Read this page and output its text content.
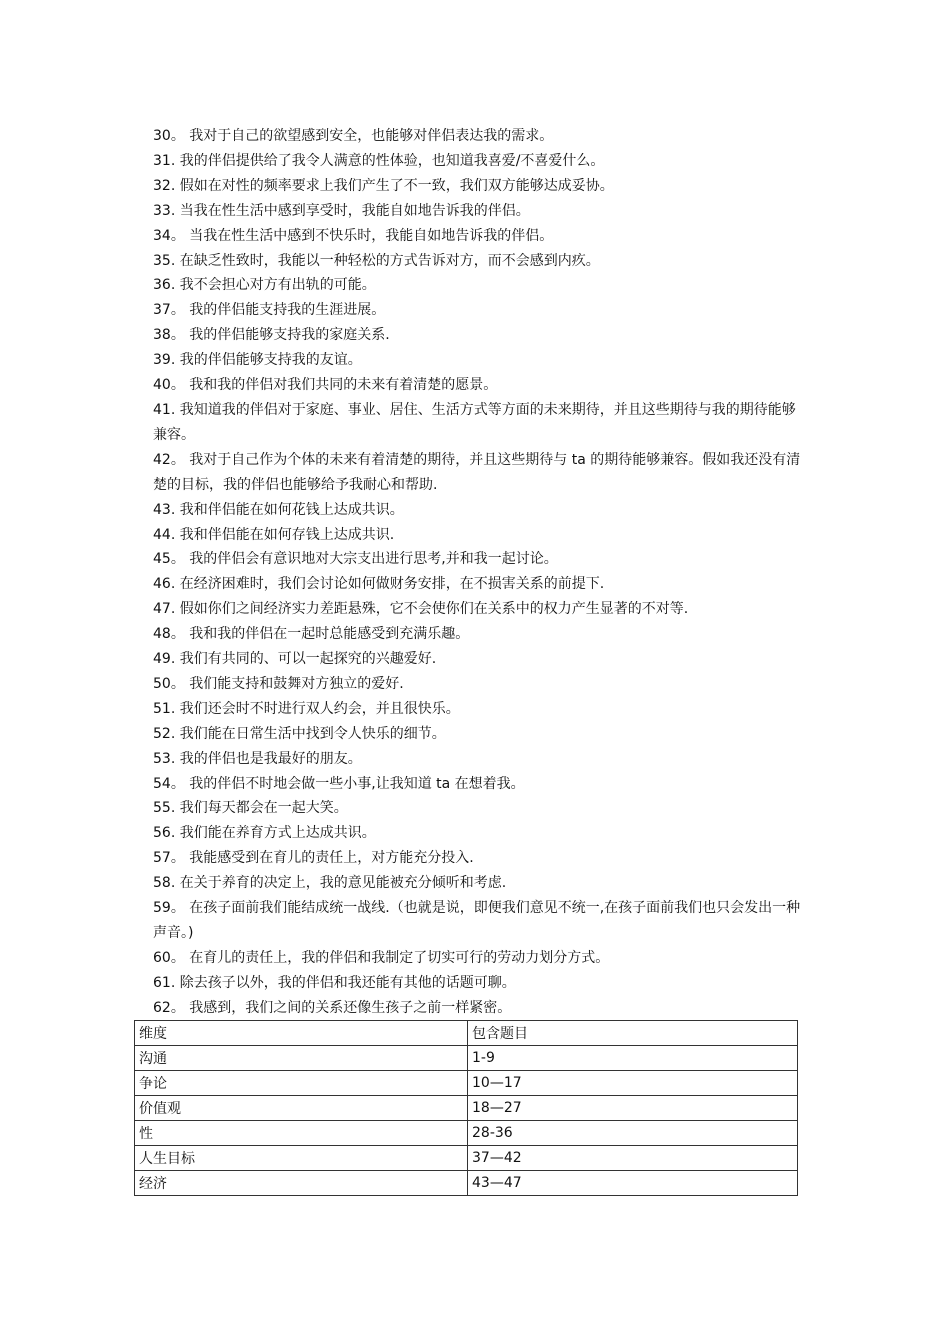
30。 我对于自己的欲望感到安全，也能够对伴侣表达我的需求。
31. 我的伴侣提供给了我令人满意的性体验，也知道我喜爱/不喜爱什么。
32. 假如在对性的频率要求上我们产生了不一致，我们双方能够达成妥协。
33. 当我在性生活中感到享受时，我能自如地告诉我的伴侣。
34。 当我在性生活中感到不快乐时，我能自如地告诉我的伴侣。
35. 在缺乏性致时，我能以一种轻松的方式告诉对方，而不会感到内疚。
36. 我不会担心对方有出轨的可能。
37。 我的伴侣能支持我的生涯进展。
38。 我的伴侣能够支持我的家庭关系.
39. 我的伴侣能够支持我的友谊。
40。 我和我的伴侣对我们共同的未来有着清楚的愿景。
41. 我知道我的伴侣对于家庭、事业、居住、生活方式等方面的未来期待，并且这些期待与我的期待能够兼容。
42。 我对于自己作为个体的未来有着清楚的期待，并且这些期待与 ta 的期待能够兼容。假如我还没有清楚的目标，我的伴侣也能够给予我耐心和帮助.
43. 我和伴侣能在如何花钱上达成共识。
44. 我和伴侣能在如何存钱上达成共识.
45。 我的伴侣会有意识地对大宗支出进行思考,并和我一起讨论。
46. 在经济困难时，我们会讨论如何做财务安排，在不损害关系的前提下.
47. 假如你们之间经济实力差距悬殊，它不会使你们在关系中的权力产生显著的不对等.
48。 我和我的伴侣在一起时总能感受到充满乐趣。
49. 我们有共同的、可以一起探究的兴趣爱好.
50。 我们能支持和鼓舞对方独立的爱好.
51. 我们还会时不时进行双人约会，并且很快乐。
52. 我们能在日常生活中找到令人快乐的细节。
53. 我的伴侣也是我最好的朋友。
54。 我的伴侣不时地会做一些小事,让我知道 ta 在想着我。
55. 我们每天都会在一起大笑。
56. 我们能在养育方式上达成共识。
57。 我能感受到在育儿的责任上，对方能充分投入.
58. 在关于养育的决定上，我的意见能被充分倾听和考虑.
59。 在孩子面前我们能结成统一战线.（也就是说，即便我们意见不统一,在孩子面前我们也只会发出一种声音。)
60。 在育儿的责任上，我的伴侣和我制定了切实可行的劳动力划分方式。
61. 除去孩子以外，我的伴侣和我还能有其他的话题可聊。
62。 我感到，我们之间的关系还像生孩子之前一样紧密。
维度	包含题目
沟通	1-9
争论	10—17
价值观	18—27
性	28-36
人生目标	37—42
经济	43—47
